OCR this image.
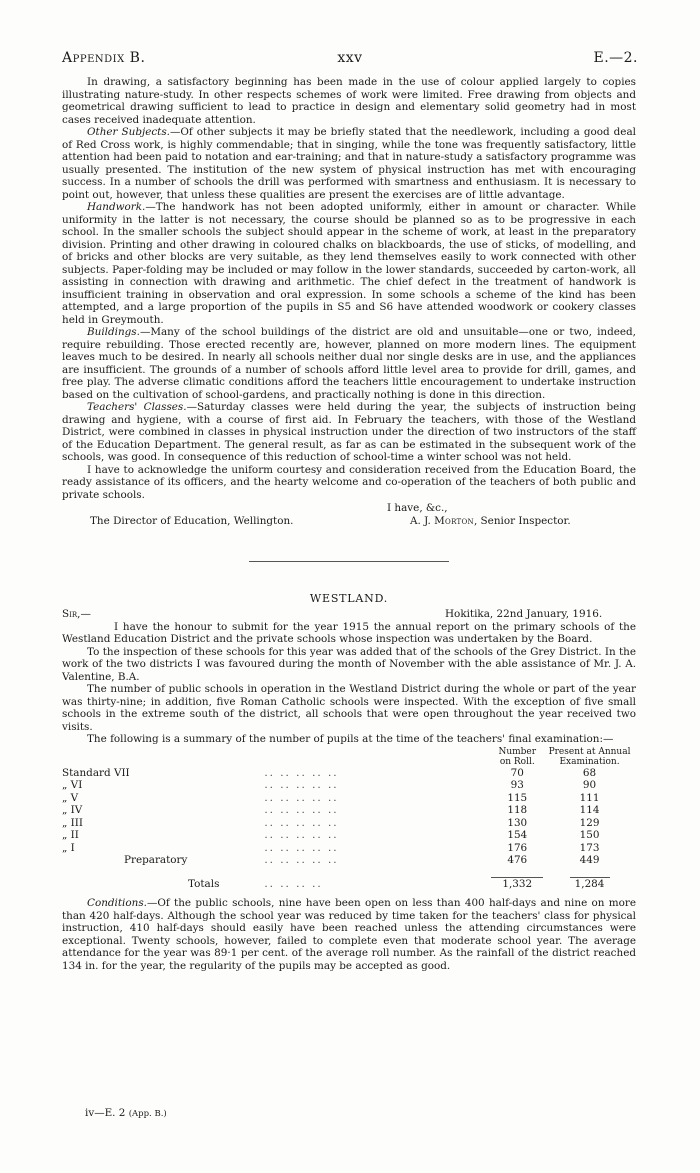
Appendix B.	xxv	E.—2.

In drawing, a satisfactory beginning has been made in the use of colour applied largely to copies illustrating nature-study. In other respects schemes of work were limited. Free drawing from objects and geometrical drawing sufficient to lead to practice in design and elementary solid geometry had in most cases received inadequate attention.

Other Subjects.—Of other subjects it may be briefly stated that the needlework, including a good deal of Red Cross work, is highly commendable; that in singing, while the tone was frequently satisfactory, little attention had been paid to notation and ear-training; and that in nature-study a satisfactory programme was usually presented. The institution of the new system of physical instruction has met with encouraging success. In a number of schools the drill was performed with smartness and enthusiasm. It is necessary to point out, however, that unless these qualities are present the exercises are of little advantage.

Handwork.—The handwork has not been adopted uniformly, either in amount or character. While uniformity in the latter is not necessary, the course should be planned so as to be progressive in each school. In the smaller schools the subject should appear in the scheme of work, at least in the preparatory division. Printing and other drawing in coloured chalks on blackboards, the use of sticks, of modelling, and of bricks and other blocks are very suitable, as they lend themselves easily to work connected with other subjects. Paper-folding may be included or may follow in the lower standards, succeeded by carton-work, all assisting in connection with drawing and arithmetic. The chief defect in the treatment of handwork is insufficient training in observation and oral expression. In some schools a scheme of the kind has been attempted, and a large proportion of the pupils in S5 and S6 have attended woodwork or cookery classes held in Greymouth.

Buildings.—Many of the school buildings of the district are old and unsuitable—one or two, indeed, require rebuilding. Those erected recently are, however, planned on more modern lines. The equipment leaves much to be desired. In nearly all schools neither dual nor single desks are in use, and the appliances are insufficient. The grounds of a number of schools afford little level area to provide for drill, games, and free play. The adverse climatic conditions afford the teachers little encouragement to undertake instruction based on the cultivation of school-gardens, and practically nothing is done in this direction.

Teachers' Classes.—Saturday classes were held during the year, the subjects of instruction being drawing and hygiene, with a course of first aid. In February the teachers, with those of the Westland District, were combined in classes in physical instruction under the direction of two instructors of the staff of the Education Department. The general result, as far as can be estimated in the subsequent work of the schools, was good. In consequence of this reduction of school-time a winter school was not held.

I have to acknowledge the uniform courtesy and consideration received from the Education Board, the ready assistance of its officers, and the hearty welcome and co-operation of the teachers of both public and private schools.

I have, &c.,
The Director of Education, Wellington.	A. J. Morton, Senior Inspector.
WESTLAND.
Sir,—	Hokitika, 22nd January, 1916.

I have the honour to submit for the year 1915 the annual report on the primary schools of the Westland Education District and the private schools whose inspection was undertaken by the Board.

To the inspection of these schools for this year was added that of the schools of the Grey District. In the work of the two districts I was favoured during the month of November with the able assistance of Mr. J. A. Valentine, B.A.

The number of public schools in operation in the Westland District during the whole or part of the year was thirty-nine; in addition, five Roman Catholic schools were inspected. With the exception of five small schools in the extreme south of the district, all schools that were open throughout the year received two visits.

The following is a summary of the number of pupils at the time of the teachers' final examination:—

		Number on Roll.	Present at Annual Examination.
Standard VII	.. .. .. .. ..	70	68
„ VI	.. .. .. .. ..	93	90
„ V	.. .. .. .. ..	115	111
„ IV	.. .. .. .. ..	118	114
„ III	.. .. .. .. ..	130	129
„ II	.. .. .. .. ..	154	150
„ I	.. .. .. .. ..	176	173
Preparatory	.. .. .. .. ..	476	449
Totals	.. .. .. ..	1,332	1,284

Conditions.—Of the public schools, nine have been open on less than 400 half-days and nine on more than 420 half-days. Although the school year was reduced by time taken for the teachers' class for physical instruction, 410 half-days should easily have been reached unless the attending circumstances were exceptional. Twenty schools, however, failed to complete even that moderate school year. The average attendance for the year was 89·1 per cent. of the average roll number. As the rainfall of the district reached 134 in. for the year, the regularity of the pupils may be accepted as good.

iv—E. 2 (App. B.)
